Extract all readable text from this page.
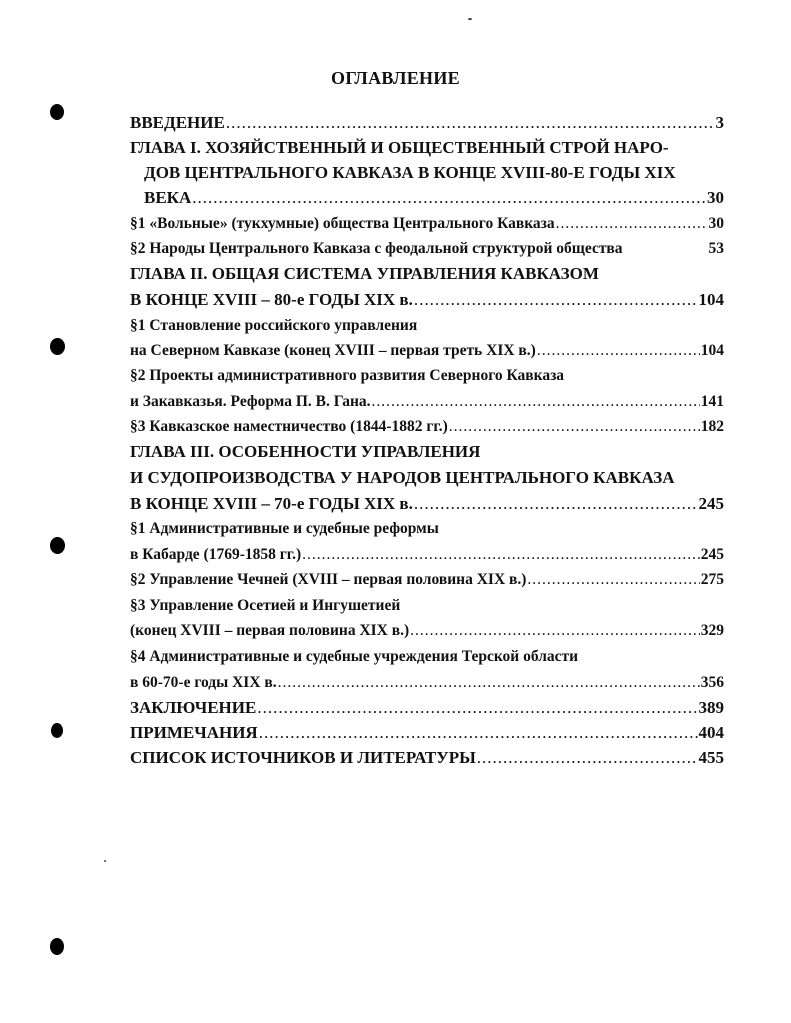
ОГЛАВЛЕНИЕ
ВВЕДЕНИЕ .....	3
ГЛАВА I. ХОЗЯЙСТВЕННЫЙ И ОБЩЕСТВЕННЫЙ СТРОЙ НАРО-
ДОВ ЦЕНТРАЛЬНОГО КАВКАЗА В КОНЦЕ XVIII-80-Е ГОДЫ XIX
ВЕКА .....	30
§1 «Вольные» (тукхумные) общества Центрального Кавказа .....	30
§2 Народы Центрального Кавказа с феодальной структурой общества	53
ГЛАВА II. ОБЩАЯ СИСТЕМА УПРАВЛЕНИЯ КАВКАЗОМ
В КОНЦЕ XVIII – 80-е ГОДЫ XIX в. .....	104
§1 Становление российского управления
на Северном Кавказе (конец XVIII – первая треть XIX в.) .....	104
§2 Проекты административного развития Северного Кавказа
и Закавказья. Реформа П. В. Гана. .....	141
§3 Кавказское наместничество (1844-1882 гг.) .....	182
ГЛАВА III. ОСОБЕННОСТИ УПРАВЛЕНИЯ
И СУДОПРОИЗВОДСТВА У НАРОДОВ ЦЕНТРАЛЬНОГО КАВКАЗА
В КОНЦЕ XVIII – 70-е ГОДЫ XIX в. .....	245
§1 Административные и судебные реформы
в Кабарде (1769-1858 гг.) .....	245
§2 Управление Чечней (XVIII – первая половина XIX в.) .....	275
§3 Управление Осетией и Ингушетией
(конец XVIII – первая половина XIX в.) .....	329
§4 Административные и судебные учреждения Терской области
в 60-70-е годы XIX в. .....	356
ЗАКЛЮЧЕНИЕ .....	389
ПРИМЕЧАНИЯ .....	404
СПИСОК ИСТОЧНИКОВ И ЛИТЕРАТУРЫ .....	455
